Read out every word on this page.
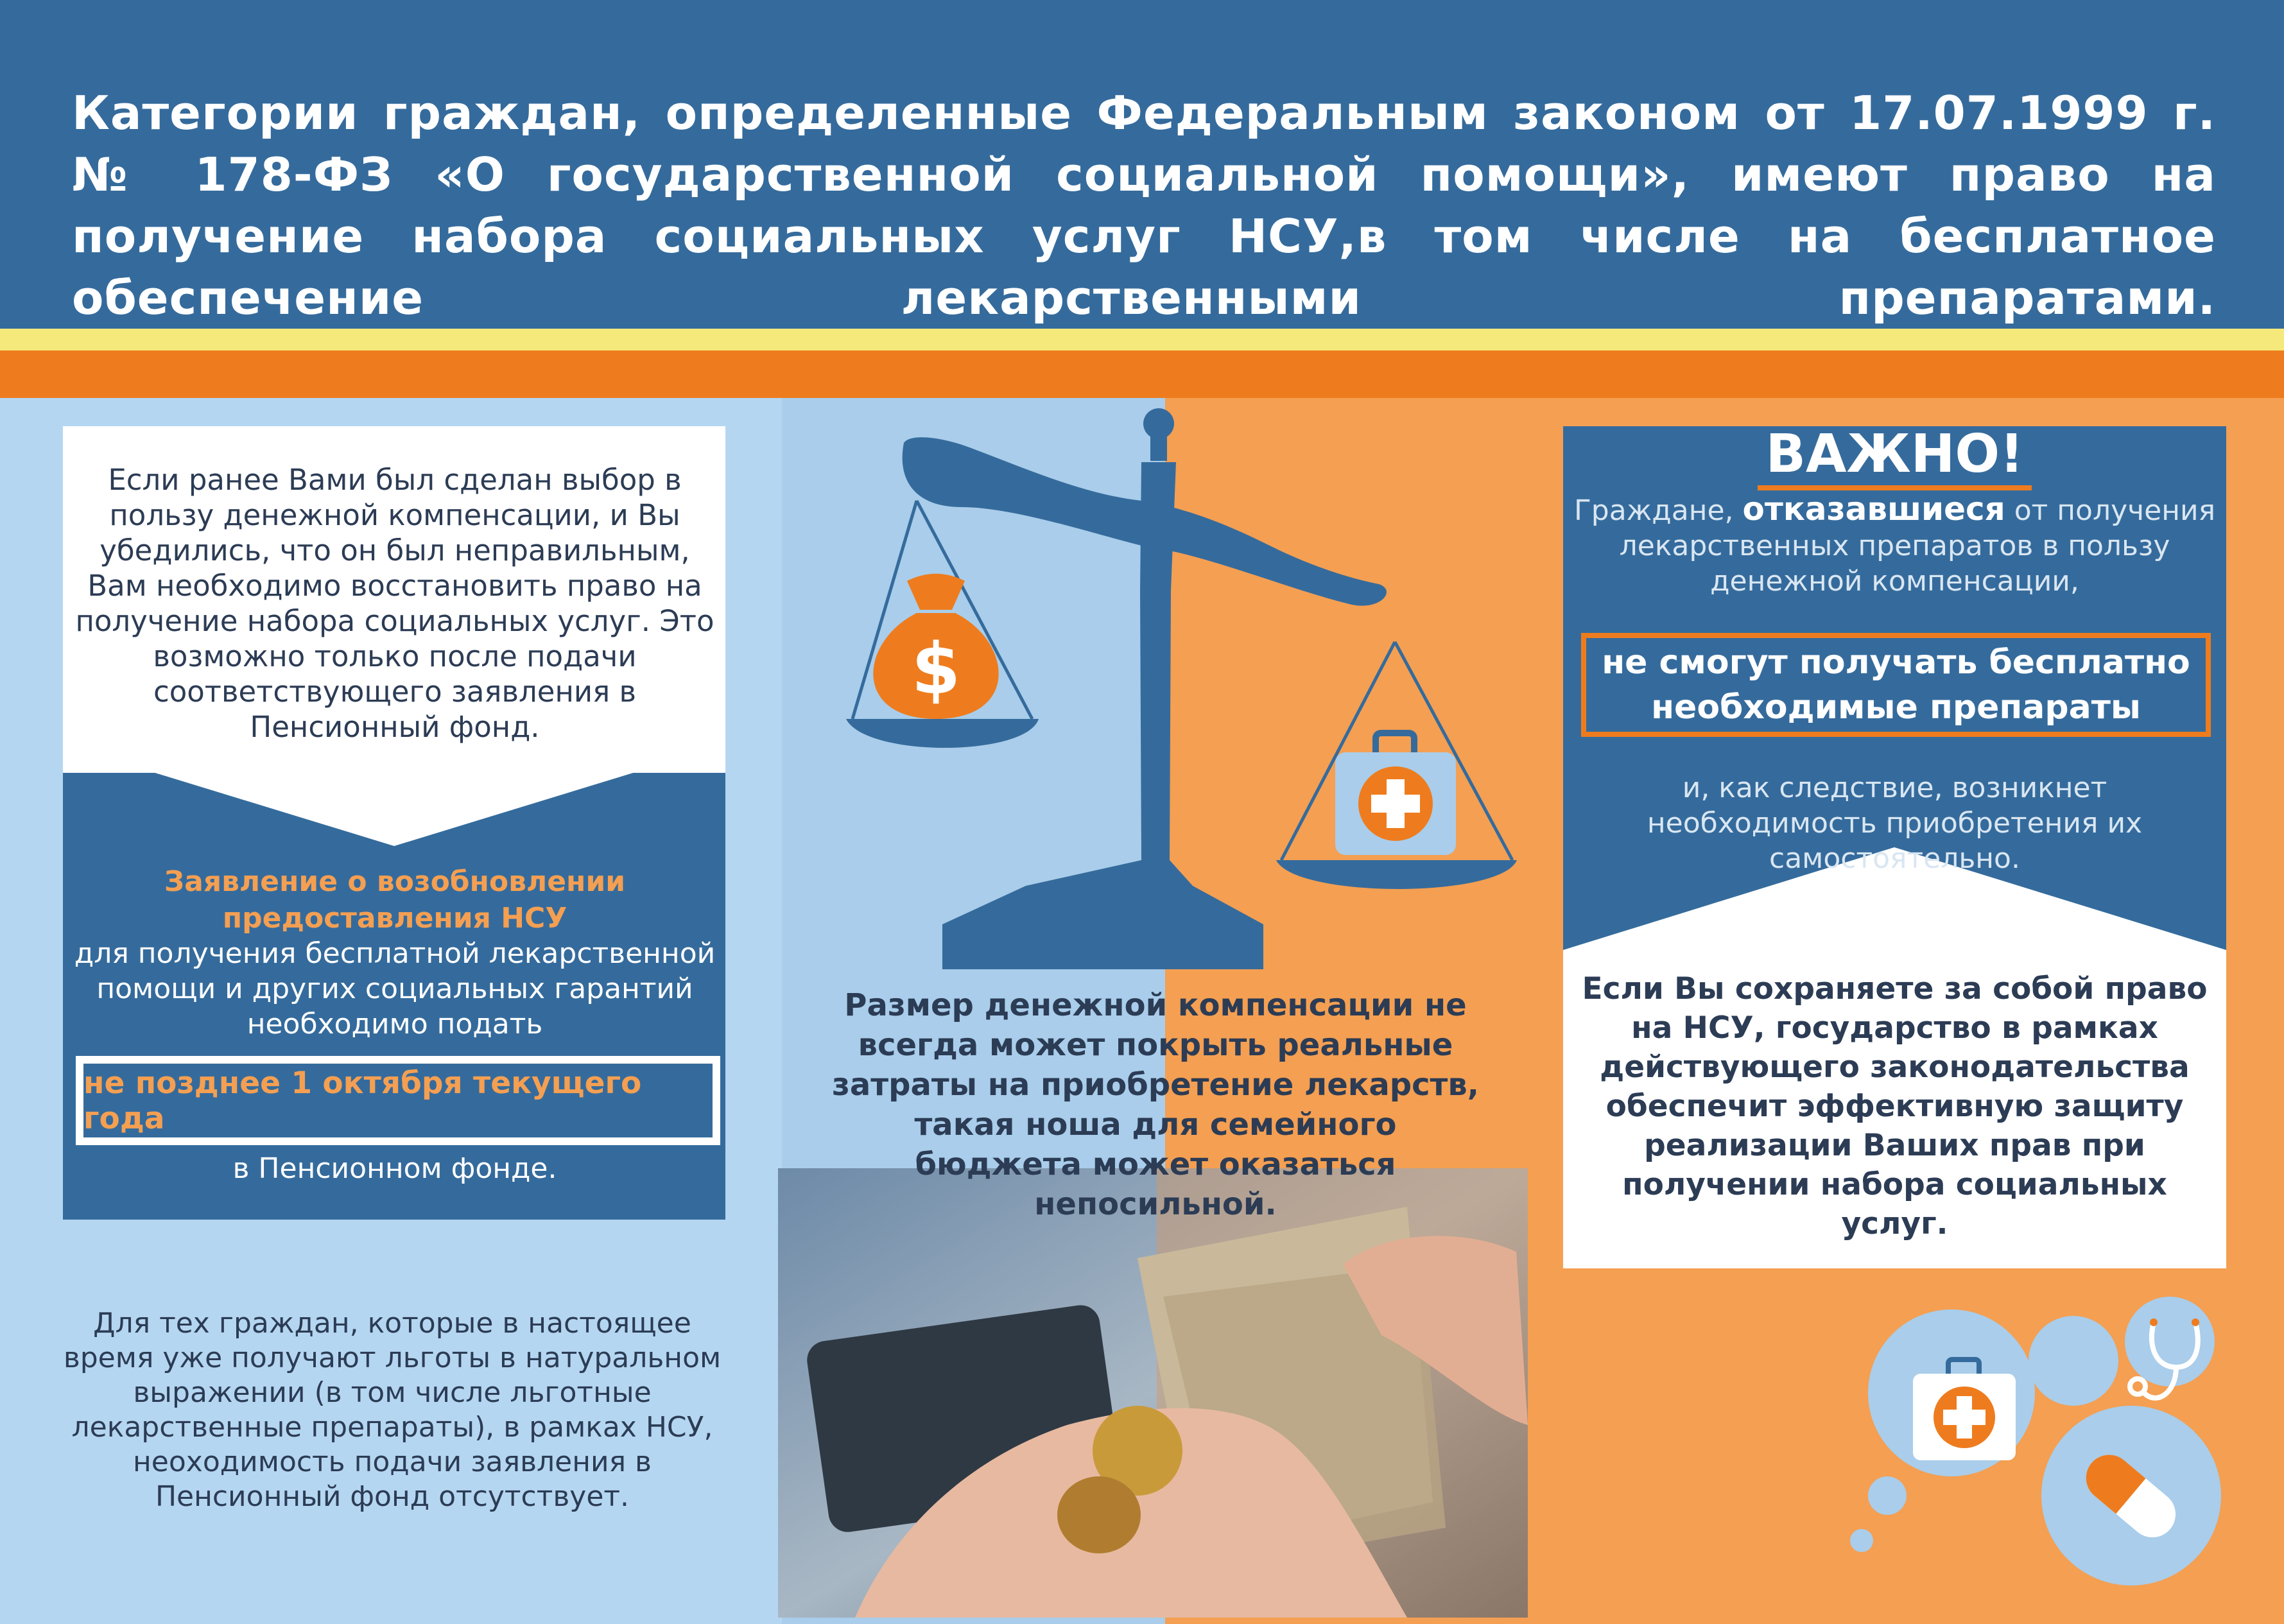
Категории граждан, определенные Федеральным законом от 17.07.1999 г. № 178-ФЗ «О государственной социальной помощи», имеют право на получение набора социальных услуг НСУ,в том числе на бесплатное обеспечение лекарственными препаратами.
Если ранее Вами был сделан выбор в пользу денежной компенсации, и Вы убедились, что он был неправильным, Вам необходимо восстановить право на получение набора социальных услуг. Это возможно только после подачи соответствующего заявления в Пенсионный фонд.
Заявление о возобновлении предоставления НСУ
для получения бесплатной лекарственной помощи и других социальных гарантий необходимо подать
не позднее 1 октября текущего года
в Пенсионном фонде.
Для тех граждан, которые в настоящее время уже получают льготы в натуральном выражении (в том числе льготные лекарственные препараты), в рамках НСУ, неоходимость подачи заявления в Пенсионный фонд отсутствует.
$
Размер денежной компенсации не всегда может покрыть реальные затраты на приобретение лекарств, такая ноша для семейного бюджета может оказаться непосильной.
ВАЖНО!
Граждане, отказавшиеся от получения лекарственных препаратов в пользу денежной компенсации,
не смогут получать бесплатно необходимые препараты
и, как следствие, возникнет необходимость приобретения их самостоятельно.
Если Вы сохраняете за собой право на НСУ, государство в рамках действующего законодательства обеспечит эффективную защиту реализации Ваших прав при получении набора социальных услуг.
